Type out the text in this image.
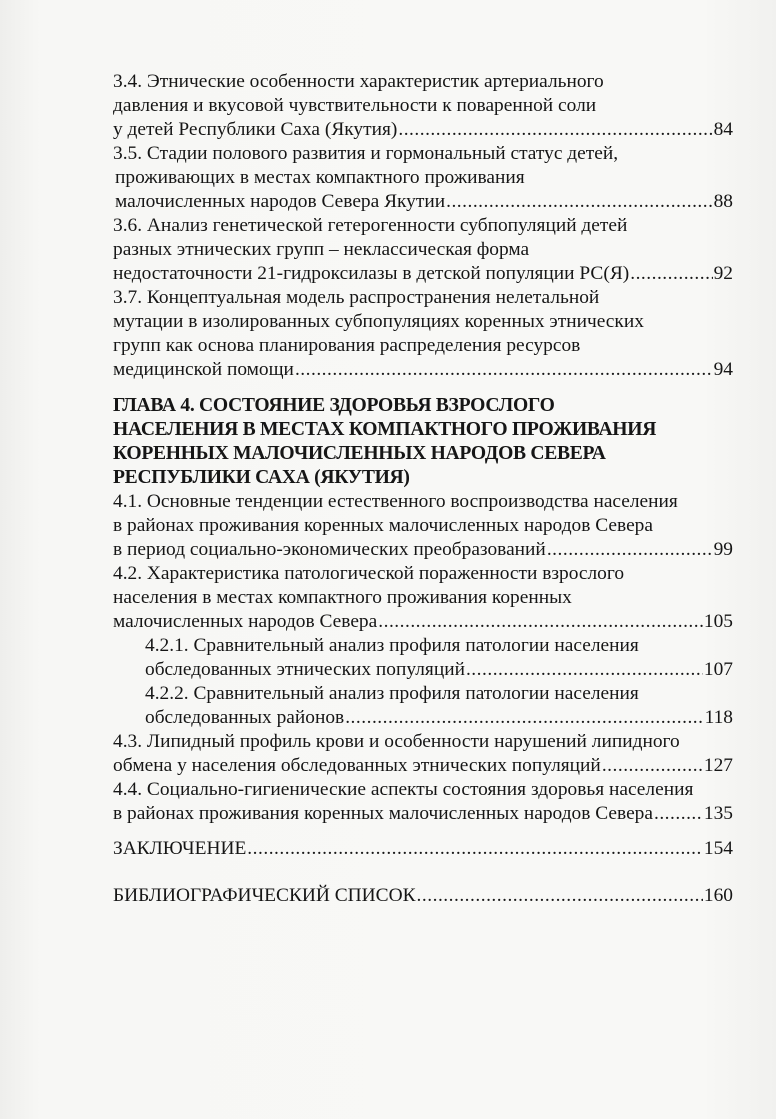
3.4. Этнические особенности характеристик артериального
давления и вкусовой чувствительности к поваренной соли
у детей Республики Саха (Якутия) .....	84
3.5. Стадии полового развития и гормональный статус детей,
проживающих в местах компактного проживания
малочисленных народов Севера Якутии .....	88
3.6. Анализ генетической гетерогенности субпопуляций детей
разных этнических групп – неклассическая форма
недостаточности 21-гидроксилазы в детской популяции РС(Я) .....	92
3.7. Концептуальная модель распространения нелетальной
мутации в изолированных субпопуляциях коренных этнических
групп как основа планирования распределения ресурсов
медицинской помощи .....	94
ГЛАВА 4. СОСТОЯНИЕ ЗДОРОВЬЯ ВЗРОСЛОГО
НАСЕЛЕНИЯ В МЕСТАХ КОМПАКТНОГО ПРОЖИВАНИЯ
КОРЕННЫХ МАЛОЧИСЛЕННЫХ НАРОДОВ СЕВЕРА
РЕСПУБЛИКИ САХА (ЯКУТИЯ)
4.1. Основные тенденции естественного воспроизводства населения
в районах проживания коренных малочисленных народов Севера
в период социально-экономических преобразований .....	99
4.2. Характеристика патологической пораженности взрослого
населения в местах компактного проживания коренных
малочисленных народов Севера .....	105
4.2.1. Сравнительный анализ профиля патологии населения
обследованных этнических популяций .....	107
4.2.2. Сравнительный анализ профиля патологии населения
обследованных районов .....	118
4.3. Липидный профиль крови и особенности нарушений липидного
обмена у населения обследованных этнических популяций .....	127
4.4. Социально-гигиенические аспекты состояния здоровья населения
в районах проживания коренных малочисленных народов Севера .....	135
ЗАКЛЮЧЕНИЕ .....	154
БИБЛИОГРАФИЧЕСКИЙ СПИСОК .....	160
